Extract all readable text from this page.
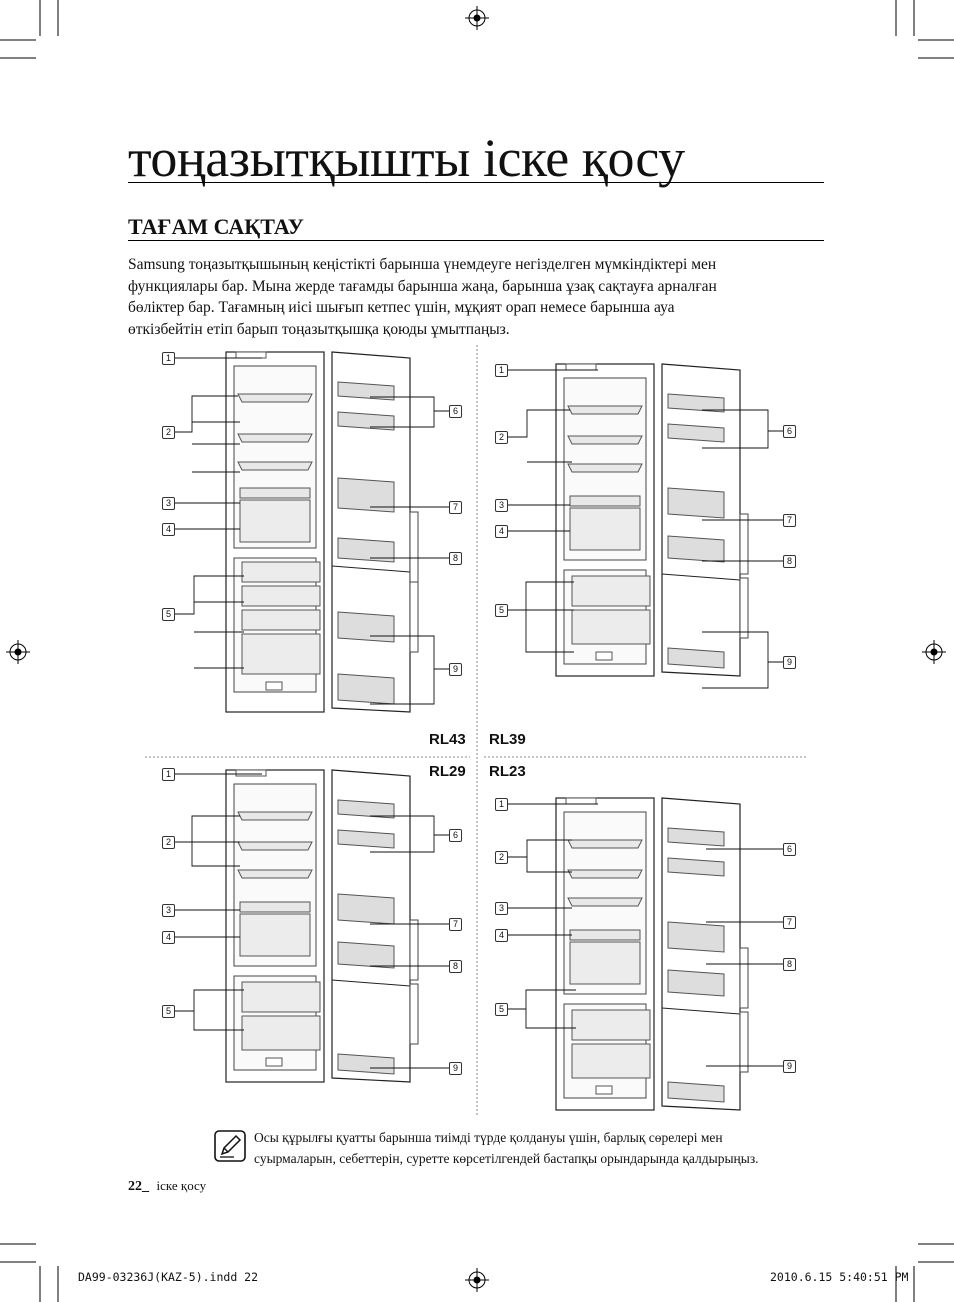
тоңазытқышты іске қосу
ТАҒАМ САҚТАУ

Samsung тоңазытқышының кеңістікті барынша үнемдеуге негізделген мүмкіндіктері мен

функциялары бар. Мына жерде тағамды барынша жаңа, барынша ұзақ сақтауға арналған

бөліктер бар. Тағамның иісі шығып кетпес үшін, мұқият орап немесе барынша ауа

өткізбейтін етіп барып тоңазытқышқа қоюды ұмытпаңыз.

1
2
3
4
5
6
7
8
9
1
2
3
4
5
6
7
8
9
1
2
3
4
5
6
7
8
9
1
2
3
4
5
6
7
8
9
RL43 RL39
RL29 RL23

Осы құрылғы қуатты барынша тиімді түрде қолдануы үшін, барлық сөрелері мен

суырмаларын, себеттерін, суретте көрсетілгендей бастапқы орындарында қалдырыңыз.

22_ іске қосу
DA99-03236J(KAZ-5).indd 22	2010.6.15 5:40:51 PM
